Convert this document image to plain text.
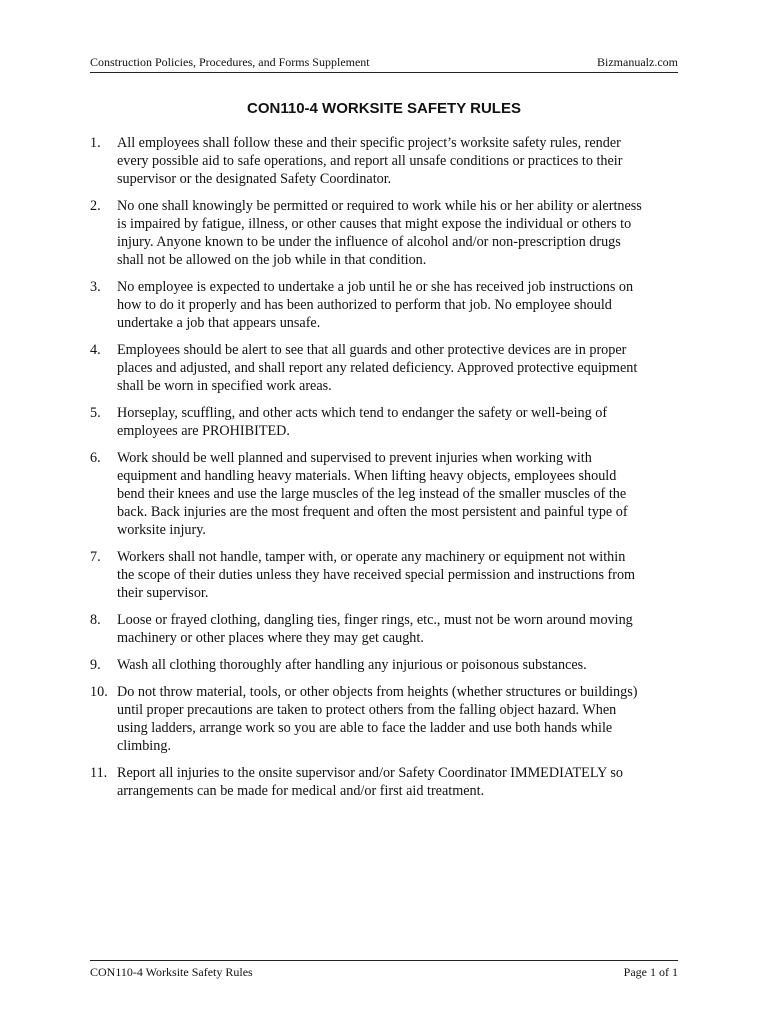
Construction Policies, Procedures, and Forms Supplement	Bizmanualz.com
CON110-4 WORKSITE SAFETY RULES
1.	All employees shall follow these and their specific project’s worksite safety rules, render
every possible aid to safe operations, and report all unsafe conditions or practices to their
supervisor or the designated Safety Coordinator.
2.	No one shall knowingly be permitted or required to work while his or her ability or alertness
is impaired by fatigue, illness, or other causes that might expose the individual or others to
injury. Anyone known to be under the influence of alcohol and/or non-prescription drugs
shall not be allowed on the job while in that condition.
3.	No employee is expected to undertake a job until he or she has received job instructions on
how to do it properly and has been authorized to perform that job. No employee should
undertake a job that appears unsafe.
4.	Employees should be alert to see that all guards and other protective devices are in proper
places and adjusted, and shall report any related deficiency. Approved protective equipment
shall be worn in specified work areas.
5.	Horseplay, scuffling, and other acts which tend to endanger the safety or well-being of
employees are PROHIBITED.
6.	Work should be well planned and supervised to prevent injuries when working with
equipment and handling heavy materials. When lifting heavy objects, employees should
bend their knees and use the large muscles of the leg instead of the smaller muscles of the
back. Back injuries are the most frequent and often the most persistent and painful type of
worksite injury.
7.	Workers shall not handle, tamper with, or operate any machinery or equipment not within
the scope of their duties unless they have received special permission and instructions from
their supervisor.
8.	Loose or frayed clothing, dangling ties, finger rings, etc., must not be worn around moving
machinery or other places where they may get caught.
9.	Wash all clothing thoroughly after handling any injurious or poisonous substances.
10. Do not throw material, tools, or other objects from heights (whether structures or buildings)
until proper precautions are taken to protect others from the falling object hazard. When
using ladders, arrange work so you are able to face the ladder and use both hands while
climbing.
11. Report all injuries to the onsite supervisor and/or Safety Coordinator IMMEDIATELY so
arrangements can be made for medical and/or first aid treatment.
CON110-4 Worksite Safety Rules	Page 1 of 1
